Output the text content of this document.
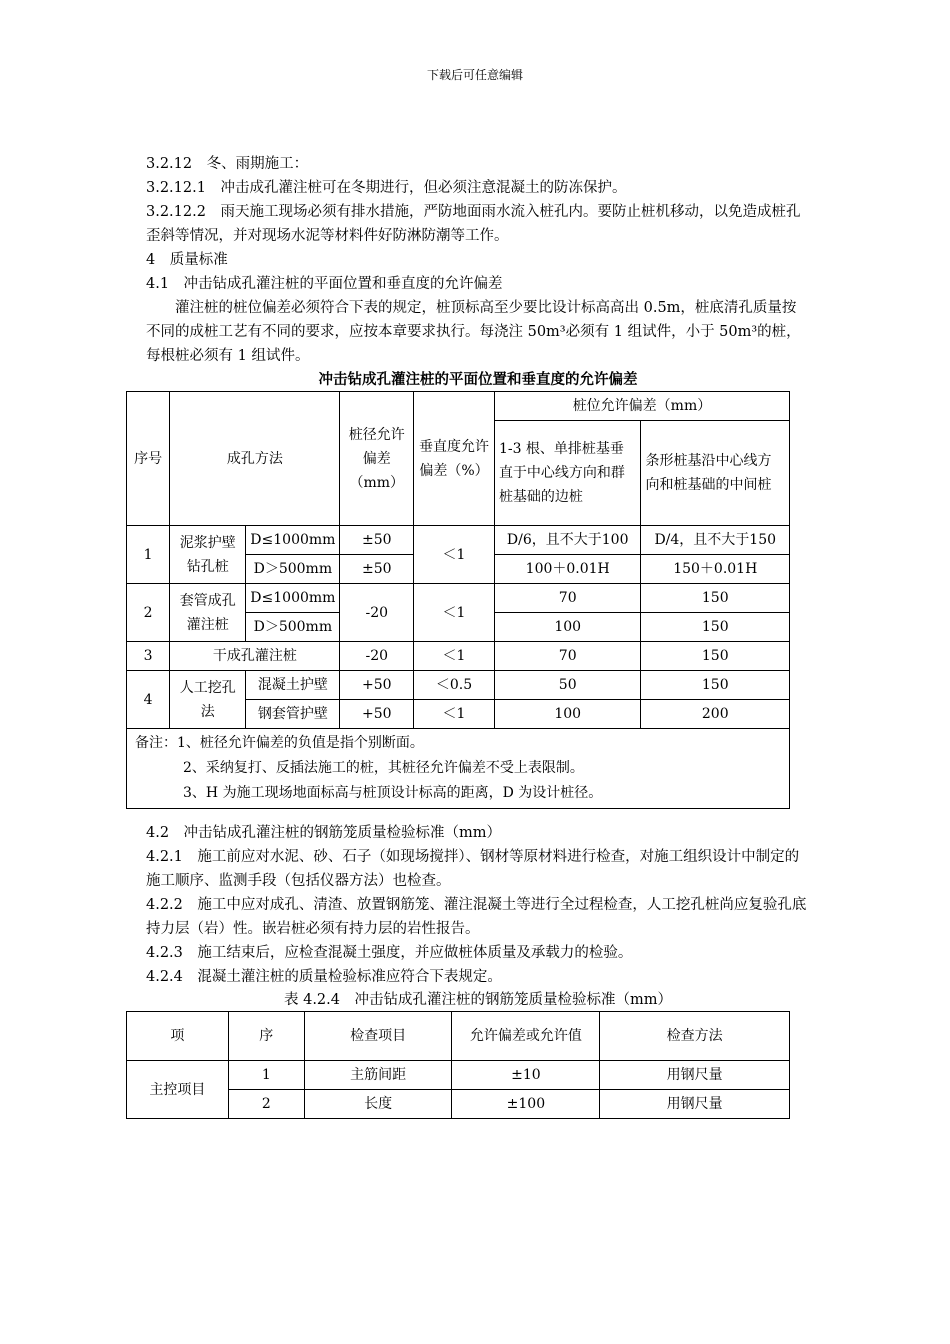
下载后可任意编辑

3.2.12　冬、雨期施工：

3.2.12.1　冲击成孔灌注桩可在冬期进行，但必须注意混凝土的防冻保护。

3.2.12.2　雨天施工现场必须有排水措施，严防地面雨水流入桩孔内。要防止桩机移动，以免造成桩孔歪斜等情况，并对现场水泥等材料件好防淋防潮等工作。

4　质量标准

4.1　冲击钻成孔灌注桩的平面位置和垂直度的允许偏差

灌注桩的桩位偏差必须符合下表的规定，桩顶标高至少要比设计标高高出 0.5m，桩底清孔质量按不同的成桩工艺有不同的要求，应按本章要求执行。每浇注 50m³必须有 1 组试件，小于 50m³的桩，每根桩必须有 1 组试件。

冲击钻成孔灌注桩的平面位置和垂直度的允许偏差
序号	成孔方法		桩径允许偏差（mm）	垂直度允许偏差（%）	桩位允许偏差（mm）	
					1-3 根、单排桩基垂直于中心线方向和群桩基础的边桩	条形桩基沿中心线方向和桩基础的中间桩
1	泥浆护壁钻孔桩	D≤1000mm	±50	＜1	D/6，且不大于100	D/4，且不大于150
		D＞500mm	±50		100＋0.01H	150＋0.01H
2	套管成孔灌注桩	D≤1000mm	-20	＜1	70	150
		D＞500mm			100	150
3	干成孔灌注桩		-20	＜1	70	150
4	人工挖孔法	混凝土护壁	+50	＜0.5	50	150
		钢套管护壁	+50	＜1	100	200

备注：1、桩径允许偏差的负值是指个别断面。
2、采纳复打、反插法施工的桩，其桩径允许偏差不受上表限制。
3、H 为施工现场地面标高与桩顶设计标高的距离，D 为设计桩径。						

4.2　冲击钻成孔灌注桩的钢筋笼质量检验标准（mm）

4.2.1　施工前应对水泥、砂、石子（如现场搅拌）、钢材等原材料进行检查，对施工组织设计中制定的施工顺序、监测手段（包括仪器方法）也检查。

4.2.2　施工中应对成孔、清渣、放置钢筋笼、灌注混凝土等进行全过程检查，人工挖孔桩尚应复验孔底持力层（岩）性。嵌岩桩必须有持力层的岩性报告。

4.2.3　施工结束后，应检查混凝土强度，并应做桩体质量及承载力的检验。

4.2.4　混凝土灌注桩的质量检验标准应符合下表规定。

表 4.2.4　冲击钻成孔灌注桩的钢筋笼质量检验标准（mm）
项	序	检查项目	允许偏差或允许值	检查方法
主控项目	1	主筋间距	±10	用钢尺量
	2	长度	±100	用钢尺量
